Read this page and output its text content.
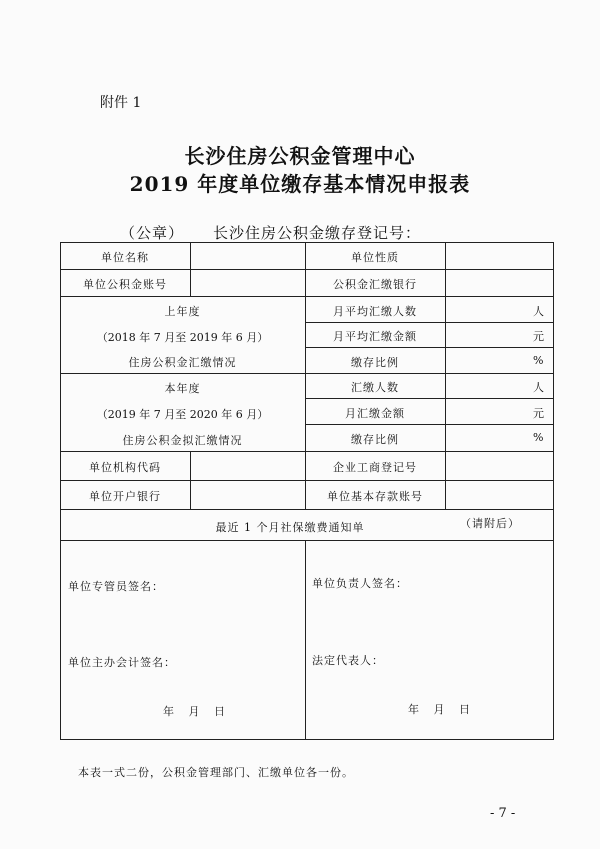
附件 1
长沙住房公积金管理中心
2019 年度单位缴存基本情况申报表
（公章） 长沙住房公积金缴存登记号：
单位名称	单位性质
单位公积金账号	公积金汇缴银行
上年度
（2018 年 7 月至 2019 年 6 月）
住房公积金汇缴情况
月平均汇缴人数	人
月平均汇缴金额	元
缴存比例	%
本年度
（2019 年 7 月至 2020 年 6 月）
住房公积金拟汇缴情况
汇缴人数	人
月汇缴金额	元
缴存比例	%
单位机构代码	企业工商登记号
单位开户银行	单位基本存款账号
最近 1 个月社保缴费通知单	（请附后）
单位专管员签名：	单位负责人签名：
单位主办会计签名：	法定代表人：
年   月   日	年   月   日
本表一式二份，公积金管理部门、汇缴单位各一份。
- 7 -
